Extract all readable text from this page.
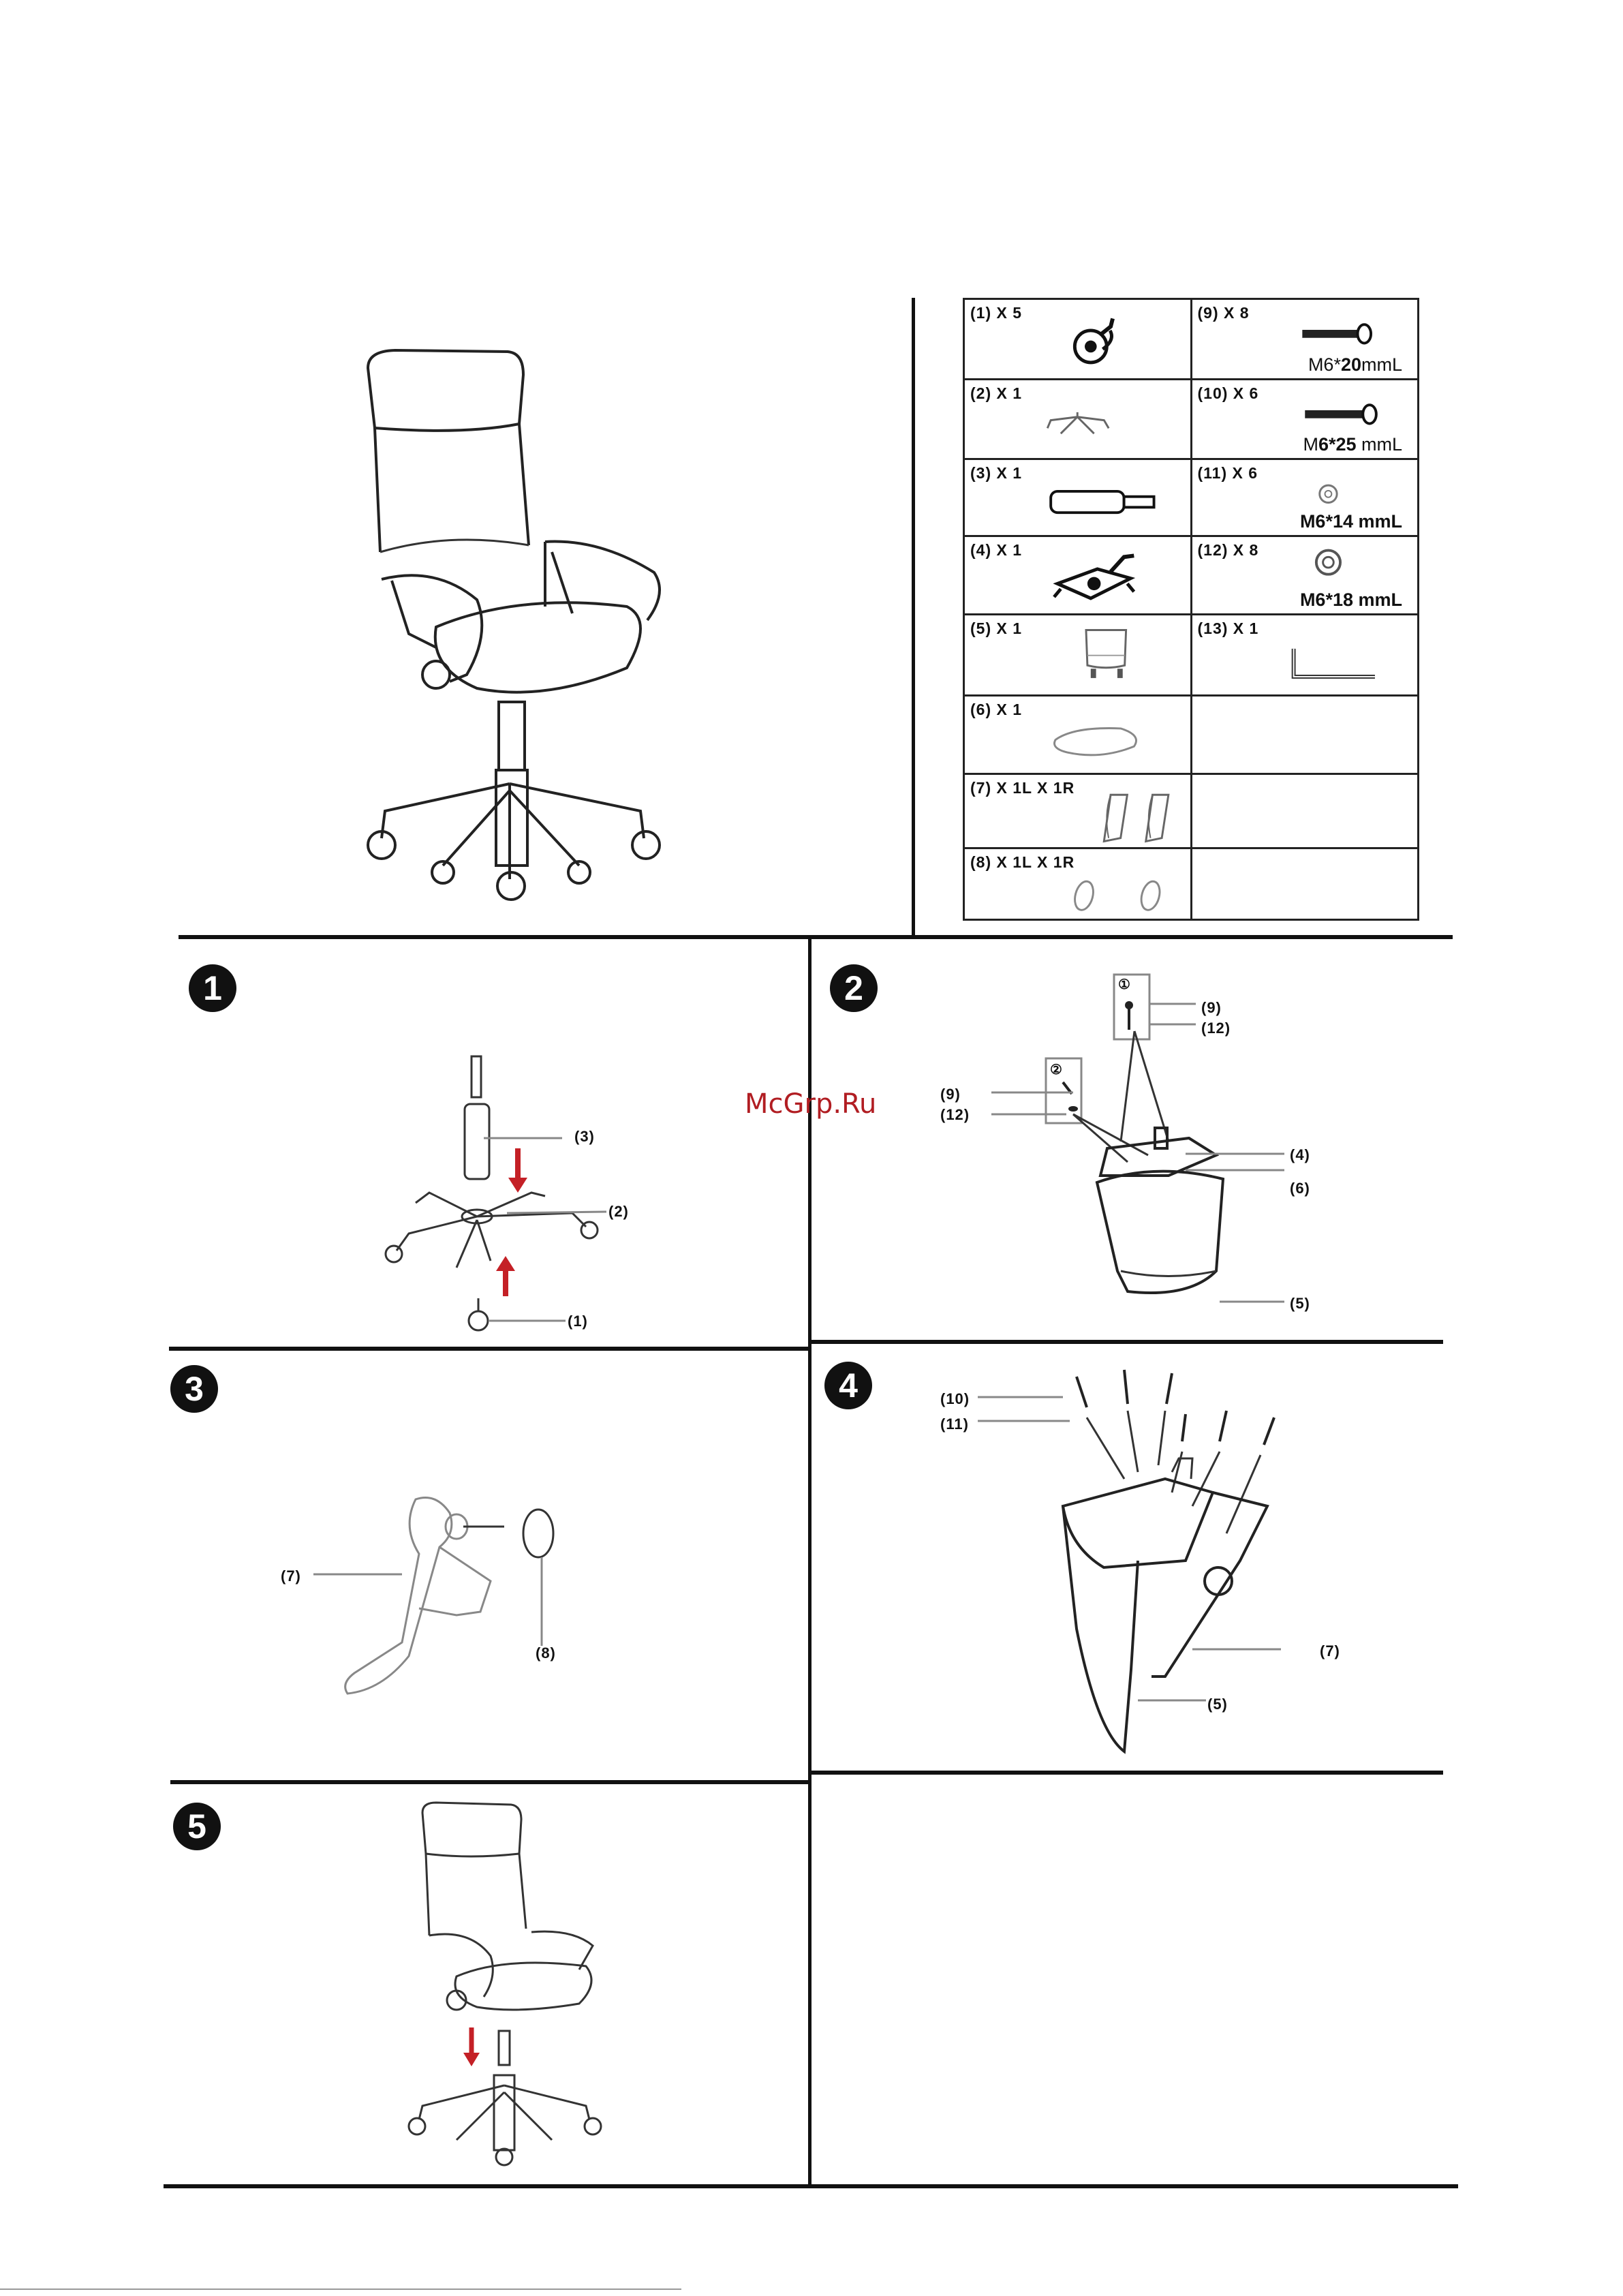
(1) X 5	(9) X 8
M6*20mmL

(2) X 1	(10) X 6
M6*25 mmL

(3) X 1	(11) X 6
M6*14 mmL

(4) X 1	(12) X 8
M6*18 mmL

(5) X 1	(13) X 1

(6) X 1	

(7) X 1L X 1R	

(8) X 1L X 1R	

1	2
3	4
5
McGrp.Ru
(3)
(2)
(1)
①
②
(9)
(12)
(9)
(12)
(4)
(6)
(5)
(7)
(8)
(10)
(11)
(7)
(5)
